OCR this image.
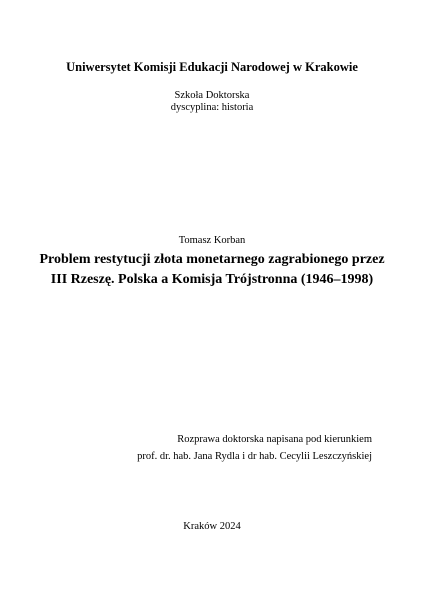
Uniwersytet Komisji Edukacji Narodowej w Krakowie
Szkoła Doktorska
dyscyplina: historia
Tomasz Korban
Problem restytucji złota monetarnego zagrabionego przez
III Rzeszę. Polska a Komisja Trójstronna (1946–1998)
Rozprawa doktorska napisana pod kierunkiem
prof. dr. hab. Jana Rydla i dr hab. Cecylii Leszczyńskiej
Kraków 2024
